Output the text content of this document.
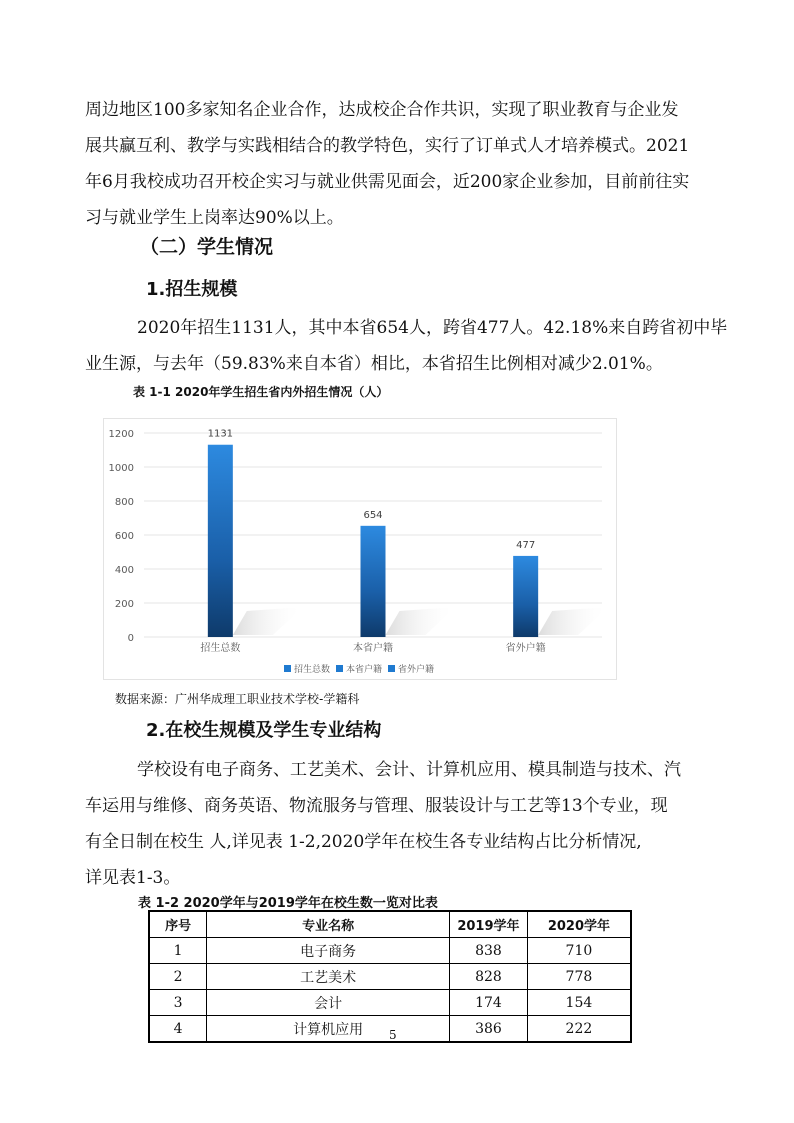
周边地区100多家知名企业合作，达成校企合作共识，实现了职业教育与企业发

展共赢互利、教学与实践相结合的教学特色，实行了订单式人才培养模式。2021

年6月我校成功召开校企实习与就业供需见面会，近200家企业参加，目前前往实

习与就业学生上岗率达90%以上。

（二）学生情况
1.招生规模

2020年招生1131人，其中本省654人，跨省477人。42.18%来自跨省初中毕

业生源，与去年（59.83%来自本省）相比，本省招生比例相对减少2.01%。

表 1-1 2020年学生招生省内外招生情况（人）
0
200
400
600
800
1000
1200	1131
654
477
招生总数	本省户籍	省外户籍
招生总数 本省户籍 省外户籍
数据来源：广州华成理工职业技术学校-学籍科
2.在校生规模及学生专业结构

学校设有电子商务、工艺美术、会计、计算机应用、模具制造与技术、汽

车运用与维修、商务英语、物流服务与管理、服装设计与工艺等13个专业，现

有全日制在校生 人,详见表 1-2,2020学年在校生各专业结构占比分析情况,

详见表1-3。

表 1-2 2020学年与2019学年在校生数一览对比表
序号	专业名称	2019学年	2020学年
1	电子商务	838	710
2	工艺美术	828	778
3	会计	174	154
4	计算机应用	386	222
5
